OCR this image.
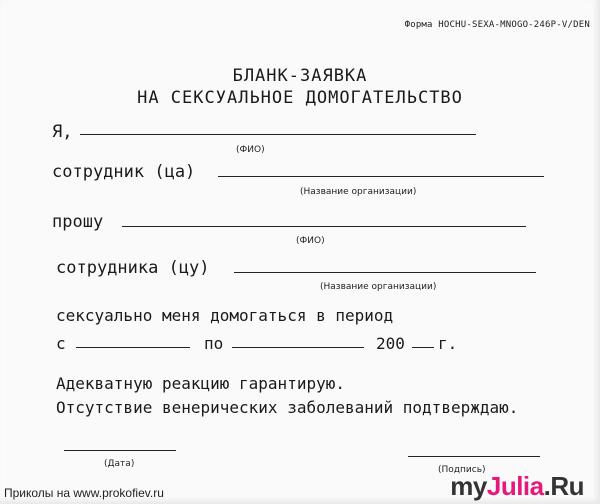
Форма HOCHU-SEXA-MNOGO-246P-V/DEN
БЛАНК-ЗАЯВКА
НА СЕКСУАЛЬНОЕ ДОМОГАТЕЛЬСТВО
Я,
(ФИО)
сотрудник (ца)
(Название организации)
прошу
(ФИО)
сотрудника (цу)
(Название организации)
сексуально меня домогаться в период
с	по	200 г.
Адекватную реакцию гарантирую.
Отсутствие венерических заболеваний подтверждаю.
(Дата)
(Подпись)
Приколы на www.prokofiev.ru	myJulia.Ru
